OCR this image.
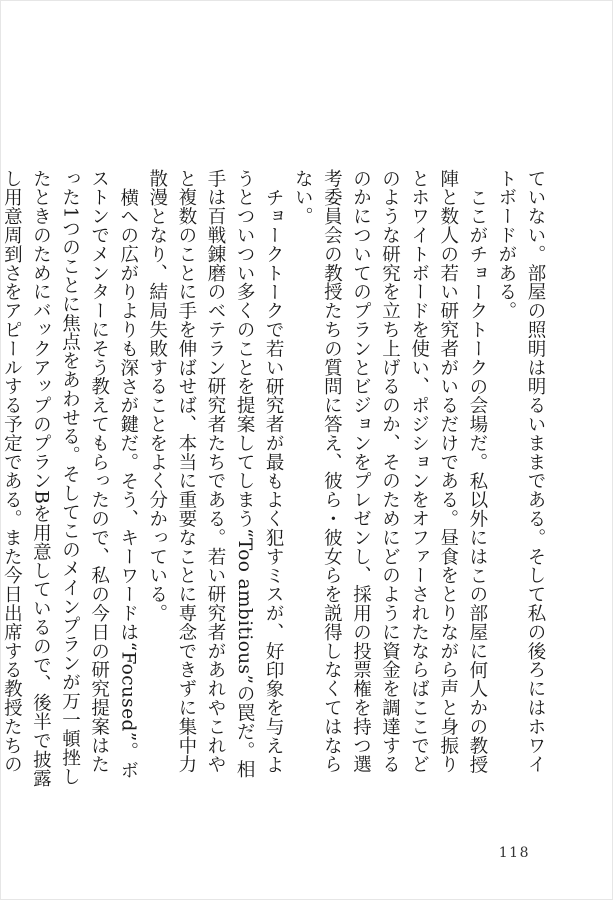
ていない。部屋の照明は明るいままである。そして私の後ろにはホワイトボードがある。

ここがチョークトークの会場だ。私以外にはこの部屋に何人かの教授陣と数人の若い研究者がいるだけである。昼食をとりながら声と身振りとホワイトボードを使い、ポジションをオファーされたならばここでどのような研究を立ち上げるのか、そのためにどのように資金を調達するのかについてのプランとビジョンをプレゼンし、採用の投票権を持つ選考委員会の教授たちの質問に答え、彼ら・彼女らを説得しなくてはならない。

チョークトークで若い研究者が最もよく犯すミスが、好印象を与えようとついつい多くのことを提案してしまう“Too ambitious”の罠だ。相手は百戦錬磨のベテラン研究者たちである。若い研究者があれやこれやと複数のことに手を伸ばせば、本当に重要なことに専念できずに集中力散漫となり、結局失敗することをよく分かっている。

横への広がりよりも深さが鍵だ。そう、キーワードは“Focused”。ボストンでメンターにそう教えてもらったので、私の今日の研究提案はたった1つのことに焦点をあわせる。そしてこのメインプランが万一頓挫したときのためにバックアップのプランBを用意しているので、後半で披露し用意周到さをアピールする予定である。また今日出席する教授たちの

118
